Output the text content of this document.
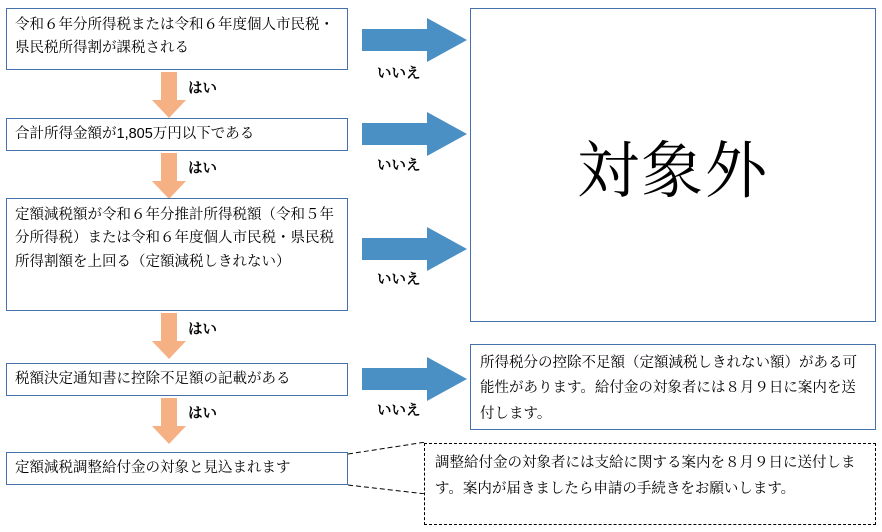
令和６年分所得税または令和６年度個人市民税・県民税所得割が課税される
いいえ
はい
合計所得金額が1,805万円以下である
いいえ
はい
定額減税額が令和６年分推計所得税額（令和５年分所得税）または令和６年度個人市民税・県民税所得割額を上回る（定額減税しきれない）
いいえ
はい
税額決定通知書に控除不足額の記載がある
いいえ
はい
定額減税調整給付金の対象と見込まれます
対象外
所得税分の控除不足額（定額減税しきれない額）がある可能性があります。給付金の対象者には８月９日に案内を送付します。
調整給付金の対象者には支給に関する案内を８月９日に送付します。案内が届きましたら申請の手続きをお願いします。
